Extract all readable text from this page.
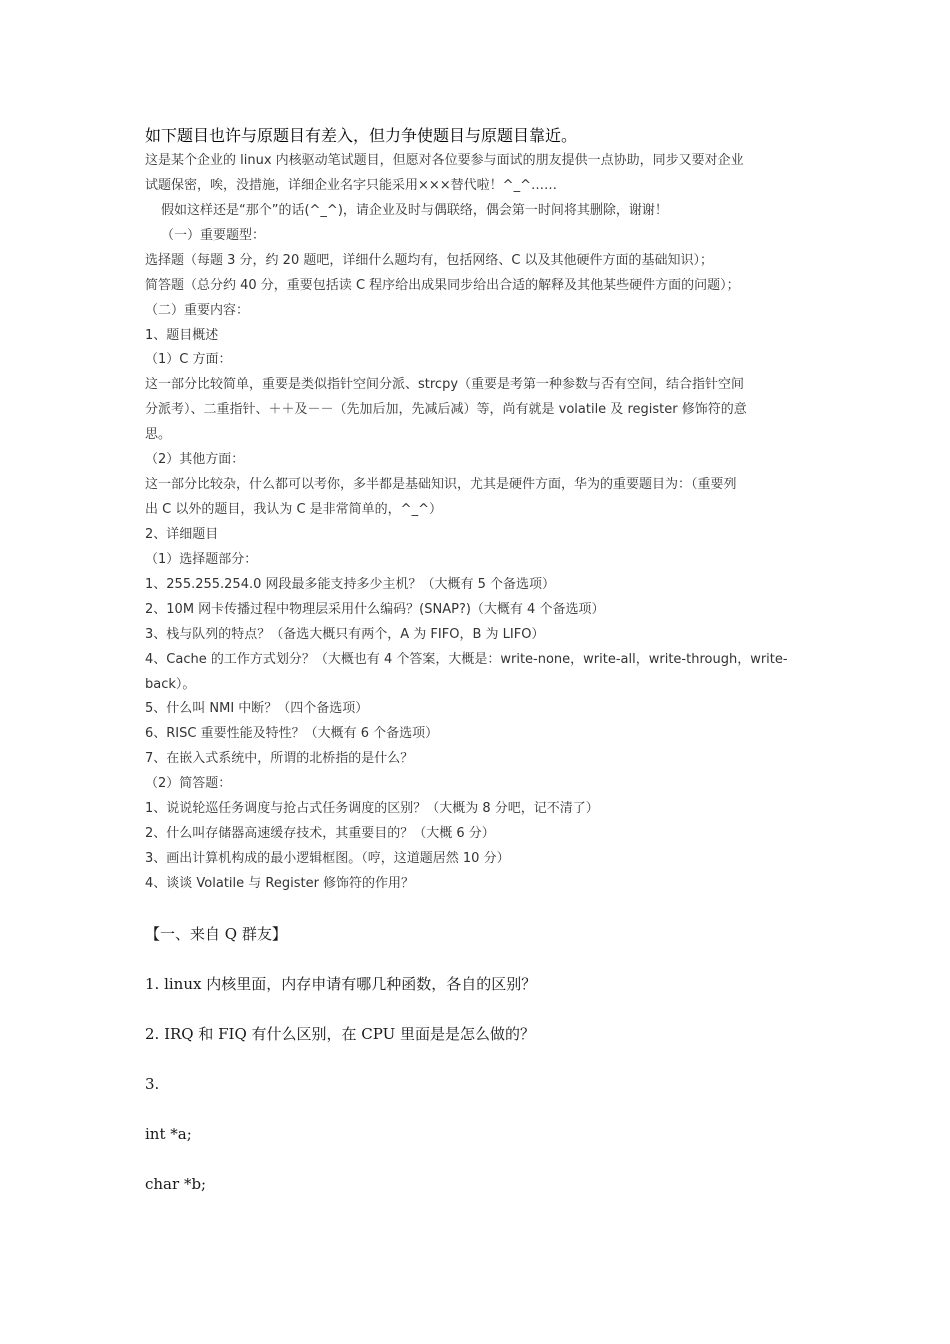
如下题目也许与原题目有差入，但力争使题目与原题目靠近。
这是某个企业的 linux 内核驱动笔试题目，但愿对各位要参与面试的朋友提供一点协助，同步又要对企业
试题保密，唉，没措施，详细企业名字只能采用×××替代啦！^_^……
假如这样还是“那个”的话(^_^)，请企业及时与偶联络，偶会第一时间将其删除，谢谢！
（一）重要题型：
选择题（每题 3 分，约 20 题吧，详细什么题均有，包括网络、C 以及其他硬件方面的基础知识）；
简答题（总分约 40 分，重要包括读 C 程序给出成果同步给出合适的解释及其他某些硬件方面的问题）；
（二）重要内容：
1、题目概述
（1）C 方面：
这一部分比较简单，重要是类似指针空间分派、strcpy（重要是考第一种参数与否有空间，结合指针空间
分派考）、二重指针、＋＋及－－（先加后加，先减后减）等，尚有就是 volatile 及 register 修饰符的意
思。
（2）其他方面：
这一部分比较杂，什么都可以考你，多半都是基础知识，尤其是硬件方面，华为的重要题目为：（重要列
出 C 以外的题目，我认为 C 是非常简单的，^_^）
2、详细题目
（1）选择题部分：
1、255.255.254.0 网段最多能支持多少主机？（大概有 5 个备选项）
2、10M 网卡传播过程中物理层采用什么编码？(SNAP?)（大概有 4 个备选项）
3、栈与队列的特点？（备选大概只有两个，A 为 FIFO，B 为 LIFO）
4、Cache 的工作方式划分？（大概也有 4 个答案，大概是：write-none，write-all，write-through，write-
back）。
5、什么叫 NMI 中断？（四个备选项）
6、RISC 重要性能及特性？（大概有 6 个备选项）
7、在嵌入式系统中，所谓的北桥指的是什么？
（2）简答题：
1、说说轮巡任务调度与抢占式任务调度的区别？（大概为 8 分吧，记不清了）
2、什么叫存储器高速缓存技术，其重要目的？（大概 6 分）
3、画出计算机构成的最小逻辑框图。（哼，这道题居然 10 分）
4、谈谈 Volatile 与 Register 修饰符的作用？
【一、来自 Q 群友】
1. linux 内核里面，内存申请有哪几种函数，各自的区别？
2. IRQ 和 FIQ 有什么区别，在 CPU 里面是是怎么做的？
3.
int *a;
char *b;
